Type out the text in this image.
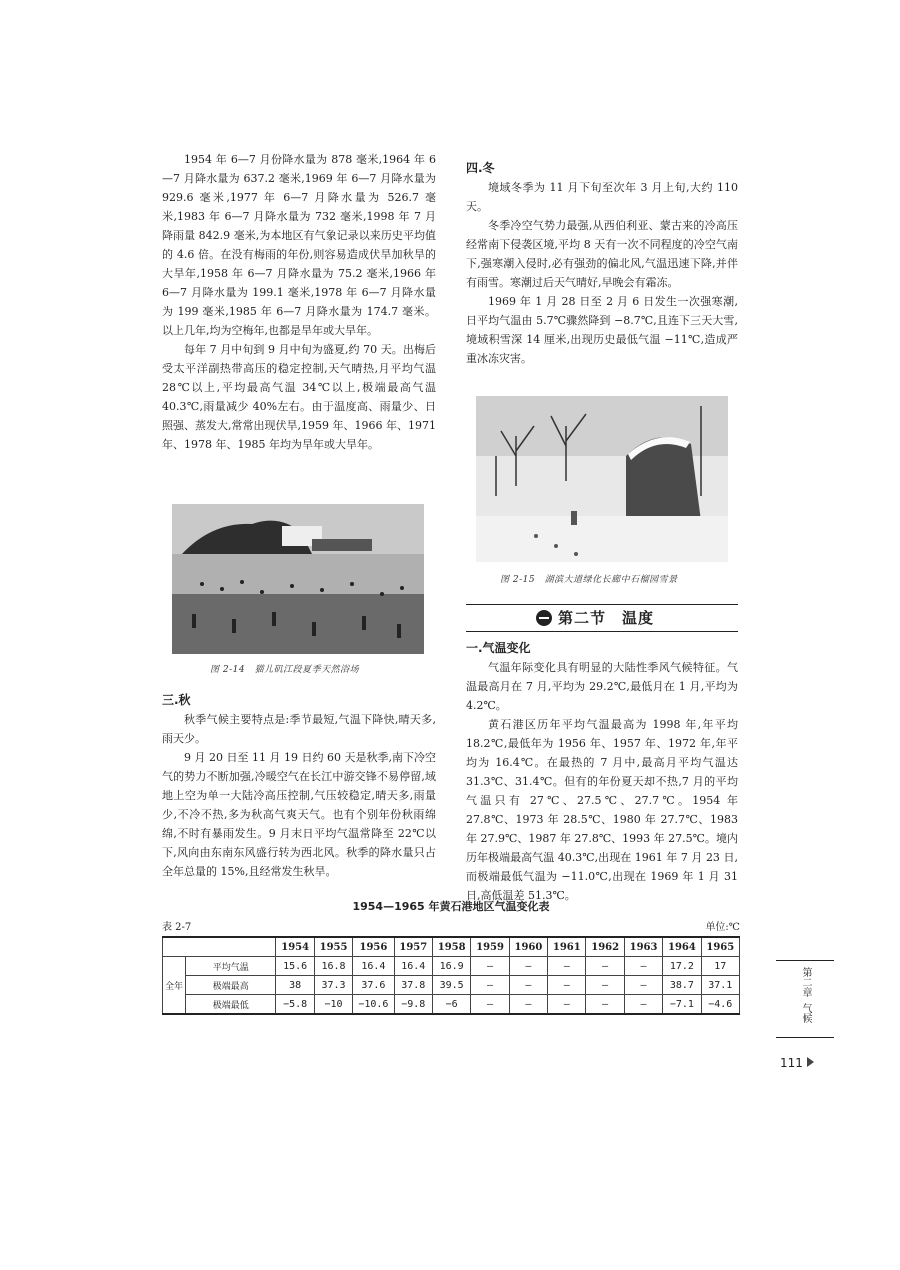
1954 年 6—7 月份降水量为 878 毫米,1964 年 6—7 月降水量为 637.2 毫米,1969 年 6—7 月降水量为 929.6 毫米,1977 年 6—7 月降水量为 526.7 毫米,1983 年 6—7 月降水量为 732 毫米,1998 年 7 月降雨量 842.9 毫米,为本地区有气象记录以来历史平均值的 4.6 倍。在没有梅雨的年份,则容易造成伏旱加秋旱的大旱年,1958 年 6—7 月降水量为 75.2 毫米,1966 年 6—7 月降水量为 199.1 毫米,1978 年 6—7 月降水量为 199 毫米,1985 年 6—7 月降水量为 174.7 毫米。以上几年,均为空梅年,也都是旱年或大旱年。

每年 7 月中旬到 9 月中旬为盛夏,约 70 天。出梅后受太平洋副热带高压的稳定控制,天气晴热,月平均气温 28℃以上,平均最高气温 34℃以上,极端最高气温 40.3℃,雨量减少 40%左右。由于温度高、雨量少、日照强、蒸发大,常常出现伏旱,1959 年、1966 年、1971 年、1978 年、1985 年均为旱年或大旱年。

图 2-14　猫儿矶江段夏季天然浴场
三.秋

秋季气候主要特点是:季节最短,气温下降快,晴天多,雨天少。

9 月 20 日至 11 月 19 日约 60 天是秋季,南下冷空气的势力不断加强,冷暖空气在长江中游交锋不易停留,域地上空为单一大陆冷高压控制,气压较稳定,晴天多,雨量少,不冷不热,多为秋高气爽天气。也有个别年份秋雨绵绵,不时有暴雨发生。9 月末日平均气温常降至 22℃以下,风向由东南东风盛行转为西北风。秋季的降水量只占全年总量的 15%,且经常发生秋旱。

四.冬

境域冬季为 11 月下旬至次年 3 月上旬,大约 110 天。

冬季冷空气势力最强,从西伯利亚、蒙古来的冷高压经常南下侵袭区境,平均 8 天有一次不同程度的冷空气南下,强寒潮入侵时,必有强劲的偏北风,气温迅速下降,并伴有雨雪。寒潮过后天气晴好,早晚会有霜冻。

1969 年 1 月 28 日至 2 月 6 日发生一次强寒潮,日平均气温由 5.7℃骤然降到 −8.7℃,且连下三天大雪,境域积雪深 14 厘米,出现历史最低气温 −11℃,造成严重冰冻灾害。

图 2-15　湖滨大道绿化长廊中石榴园雪景
第二节　温度
一.气温变化

气温年际变化具有明显的大陆性季风气候特征。气温最高月在 7 月,平均为 29.2℃,最低月在 1 月,平均为 4.2℃。

黄石港区历年平均气温最高为 1998 年,年平均 18.2℃,最低年为 1956 年、1957 年、1972 年,年平均为 16.4℃。在最热的 7 月中,最高月平均气温达 31.3℃、31.4℃。但有的年份夏天却不热,7 月的平均气温只有 27℃、27.5℃、27.7℃。1954 年 27.8℃、1973 年 28.5℃、1980 年 27.7℃、1983 年 27.9℃、1987 年 27.8℃、1993 年 27.5℃。境内历年极端最高气温 40.3℃,出现在 1961 年 7 月 23 日,而极端最低气温为 −11.0℃,出现在 1969 年 1 月 31 日,高低温差 51.3℃。

1954—1965 年黄石港地区气温变化表
表 2-7	单位:℃
		1954	1955	1956	1957	1958	1959	1960	1961	1962	1963	1964	1965
全年	平均气温	15.6	16.8	16.4	16.4	16.9	—	—	—	—	—	17.2	17
	极端最高	38	37.3	37.6	37.8	39.5	—	—	—	—	—	38.7	37.1
	极端最低	−5.8	−10	−10.6	−9.8	−6	—	—	—	—	—	−7.1	−4.6
第二章
气候
111
